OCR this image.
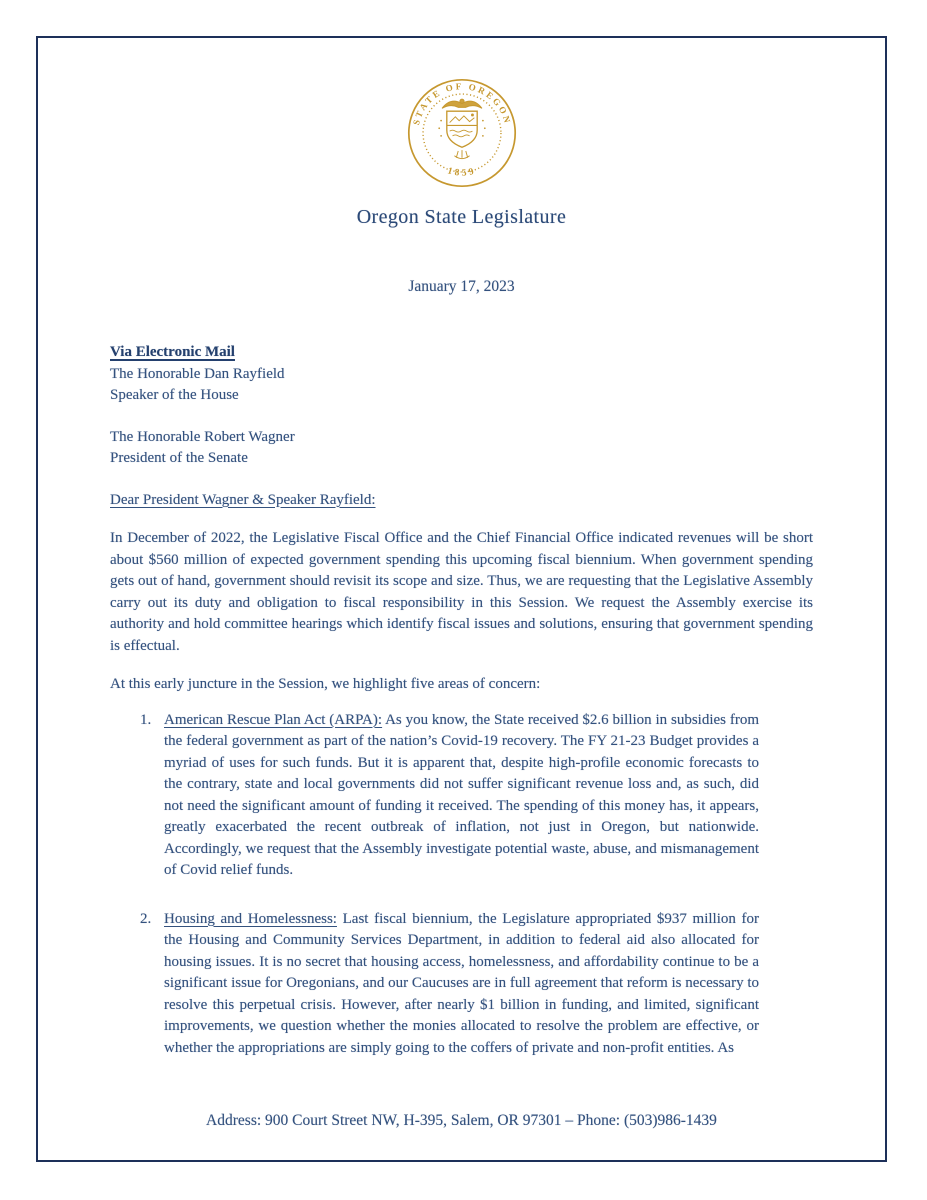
STATE OF OREGON
1859
Oregon State Legislature
January 17, 2023
Via Electronic Mail
The Honorable Dan Rayfield
Speaker of the House
The Honorable Robert Wagner
President of the Senate
Dear President Wagner & Speaker Rayfield:

In December of 2022, the Legislative Fiscal Office and the Chief Financial Office indicated revenues will be short about $560 million of expected government spending this upcoming fiscal biennium. When government spending gets out of hand, government should revisit its scope and size. Thus, we are requesting that the Legislative Assembly carry out its duty and obligation to fiscal responsibility in this Session. We request the Assembly exercise its authority and hold committee hearings which identify fiscal issues and solutions, ensuring that government spending is effectual.

At this early juncture in the Session, we highlight five areas of concern:

1. American Rescue Plan Act (ARPA): As you know, the State received $2.6 billion in subsidies from the federal government as part of the nation’s Covid-19 recovery. The FY 21-23 Budget provides a myriad of uses for such funds. But it is apparent that, despite high-profile economic forecasts to the contrary, state and local governments did not suffer significant revenue loss and, as such, did not need the significant amount of funding it received. The spending of this money has, it appears, greatly exacerbated the recent outbreak of inflation, not just in Oregon, but nationwide. Accordingly, we request that the Assembly investigate potential waste, abuse, and mismanagement of Covid relief funds.
2. Housing and Homelessness: Last fiscal biennium, the Legislature appropriated $937 million for the Housing and Community Services Department, in addition to federal aid also allocated for housing issues. It is no secret that housing access, homelessness, and affordability continue to be a significant issue for Oregonians, and our Caucuses are in full agreement that reform is necessary to resolve this perpetual crisis. However, after nearly $1 billion in funding, and limited, significant improvements, we question whether the monies allocated to resolve the problem are effective, or whether the appropriations are simply going to the coffers of private and non-profit entities. As
Address: 900 Court Street NW, H-395, Salem, OR 97301 – Phone: (503)986-1439
